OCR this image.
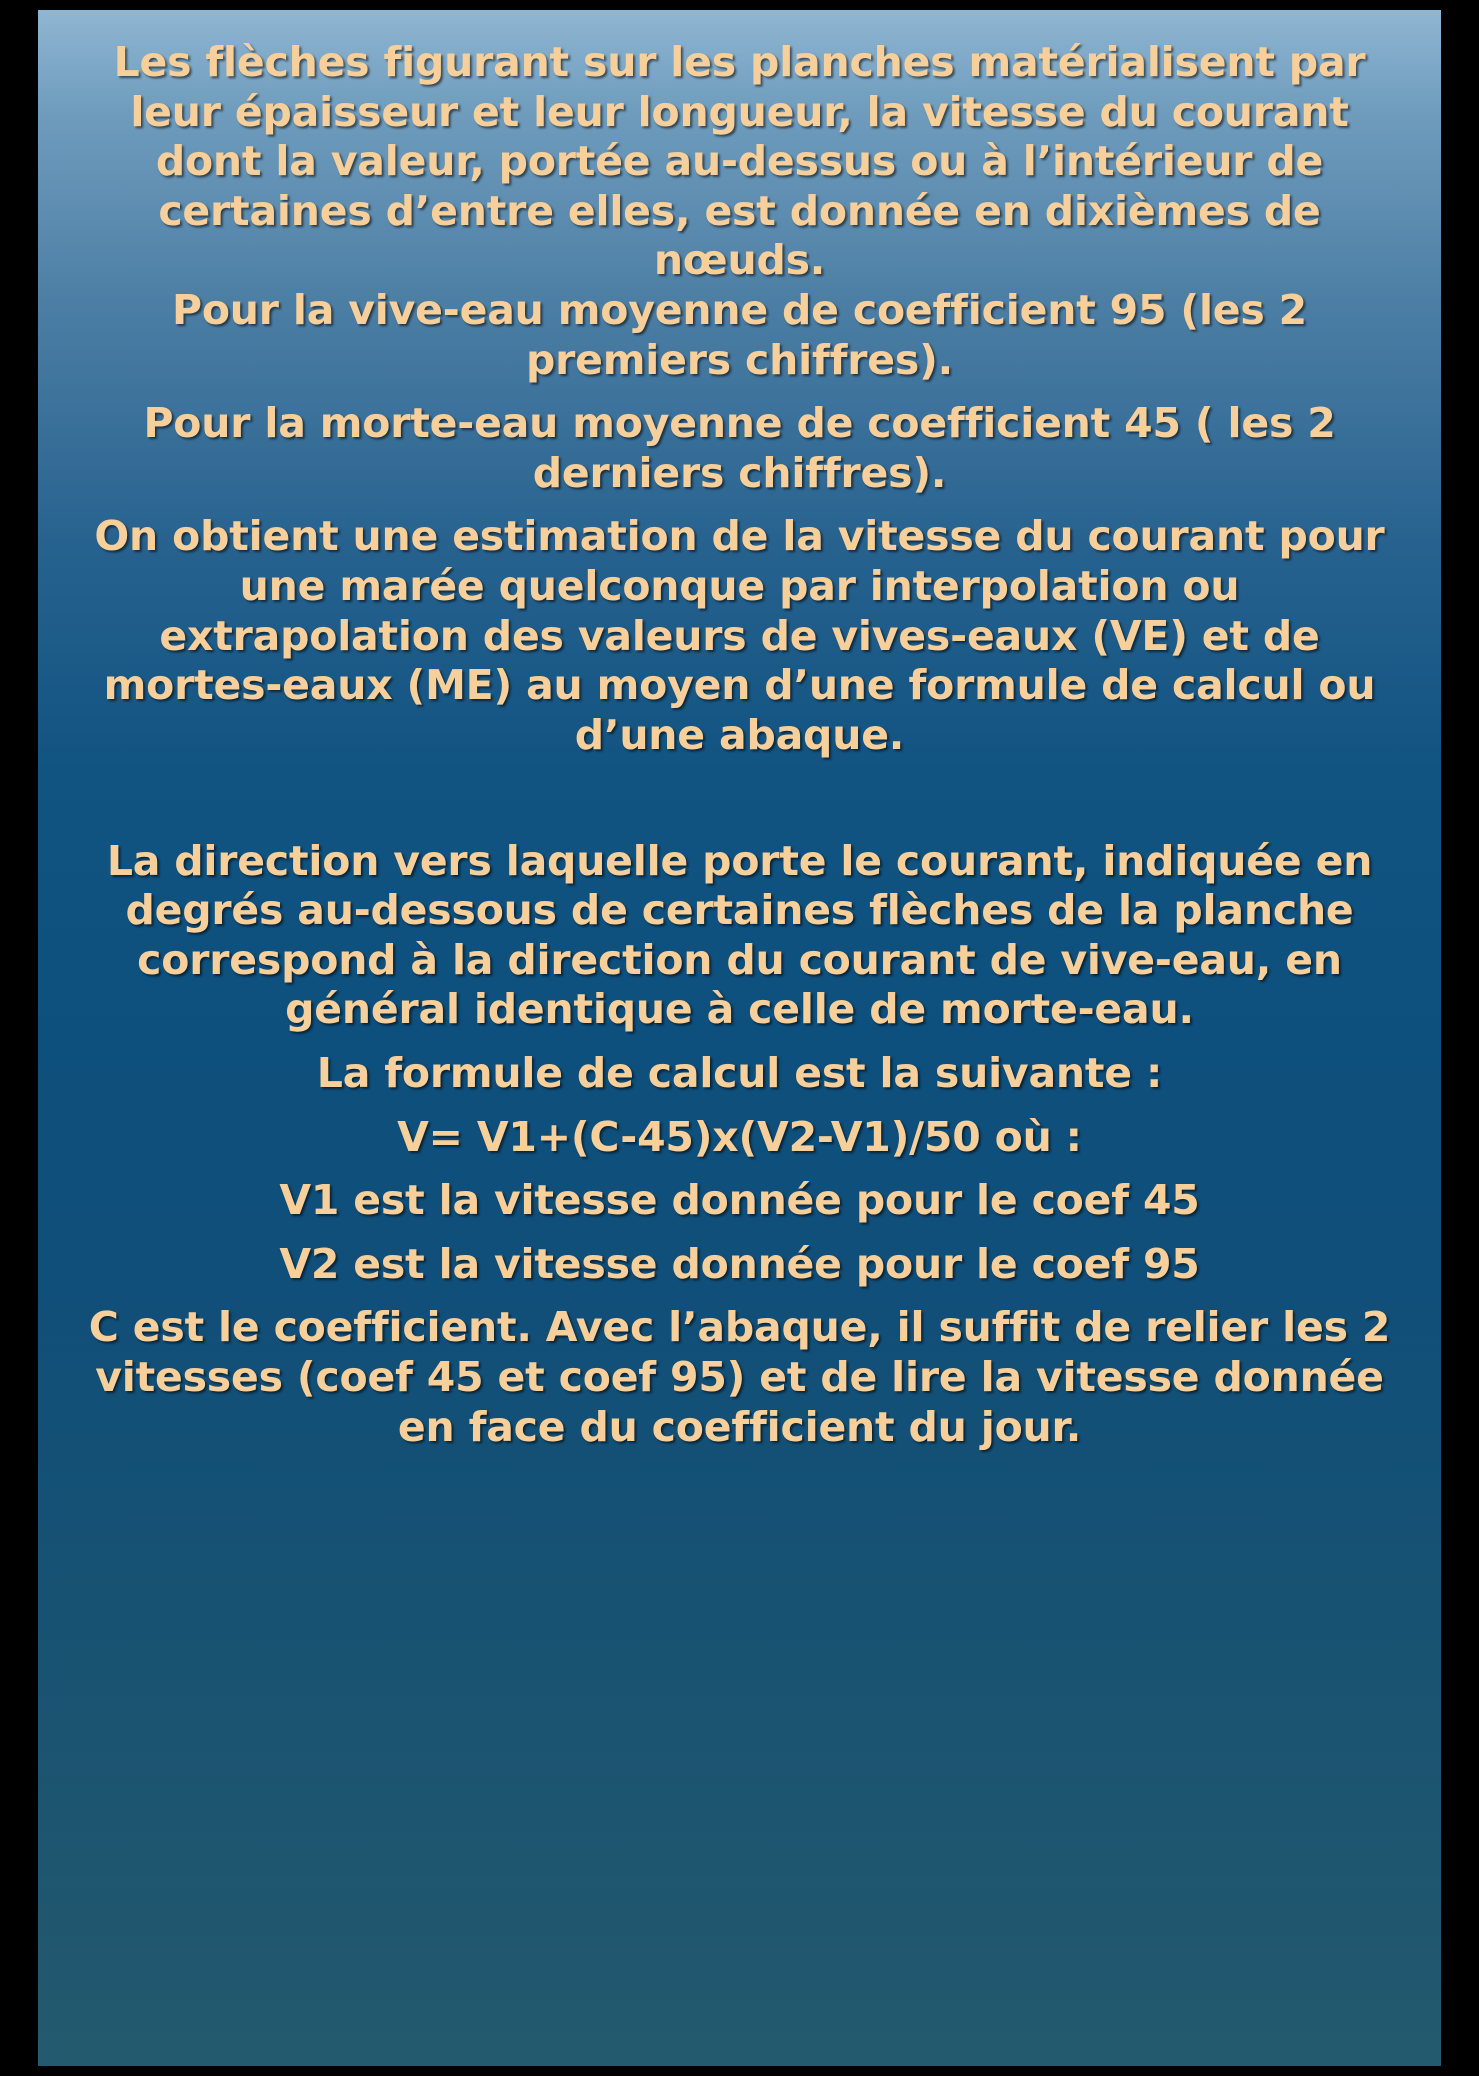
Les flèches figurant sur les planches matérialisent par leur épaisseur et leur longueur, la vitesse du courant dont la valeur, portée au-dessus ou à l’intérieur de certaines d’entre elles, est donnée en dixièmes de nœuds.

Pour la vive-eau moyenne de coefficient 95 (les 2 premiers chiffres).

Pour la morte-eau moyenne de coefficient 45 ( les 2 derniers chiffres).

On obtient une estimation de la vitesse du courant pour une marée quelconque par interpolation ou extrapolation des valeurs de vives-eaux (VE) et de mortes-eaux (ME) au moyen d’une formule de calcul ou d’une abaque.

La direction vers laquelle porte le courant, indiquée en degrés au-dessous de certaines flèches de la planche correspond à la direction du courant de vive-eau, en général identique à celle de morte-eau.

La formule de calcul est la suivante :

V= V1+(C-45)x(V2-V1)/50 où :

V1 est la vitesse donnée pour le coef 45

V2 est la vitesse donnée pour le coef 95

C est le coefficient. Avec l’abaque, il suffit de relier les 2 vitesses (coef 45 et coef 95) et de lire la vitesse donnée en face du coefficient du jour.
